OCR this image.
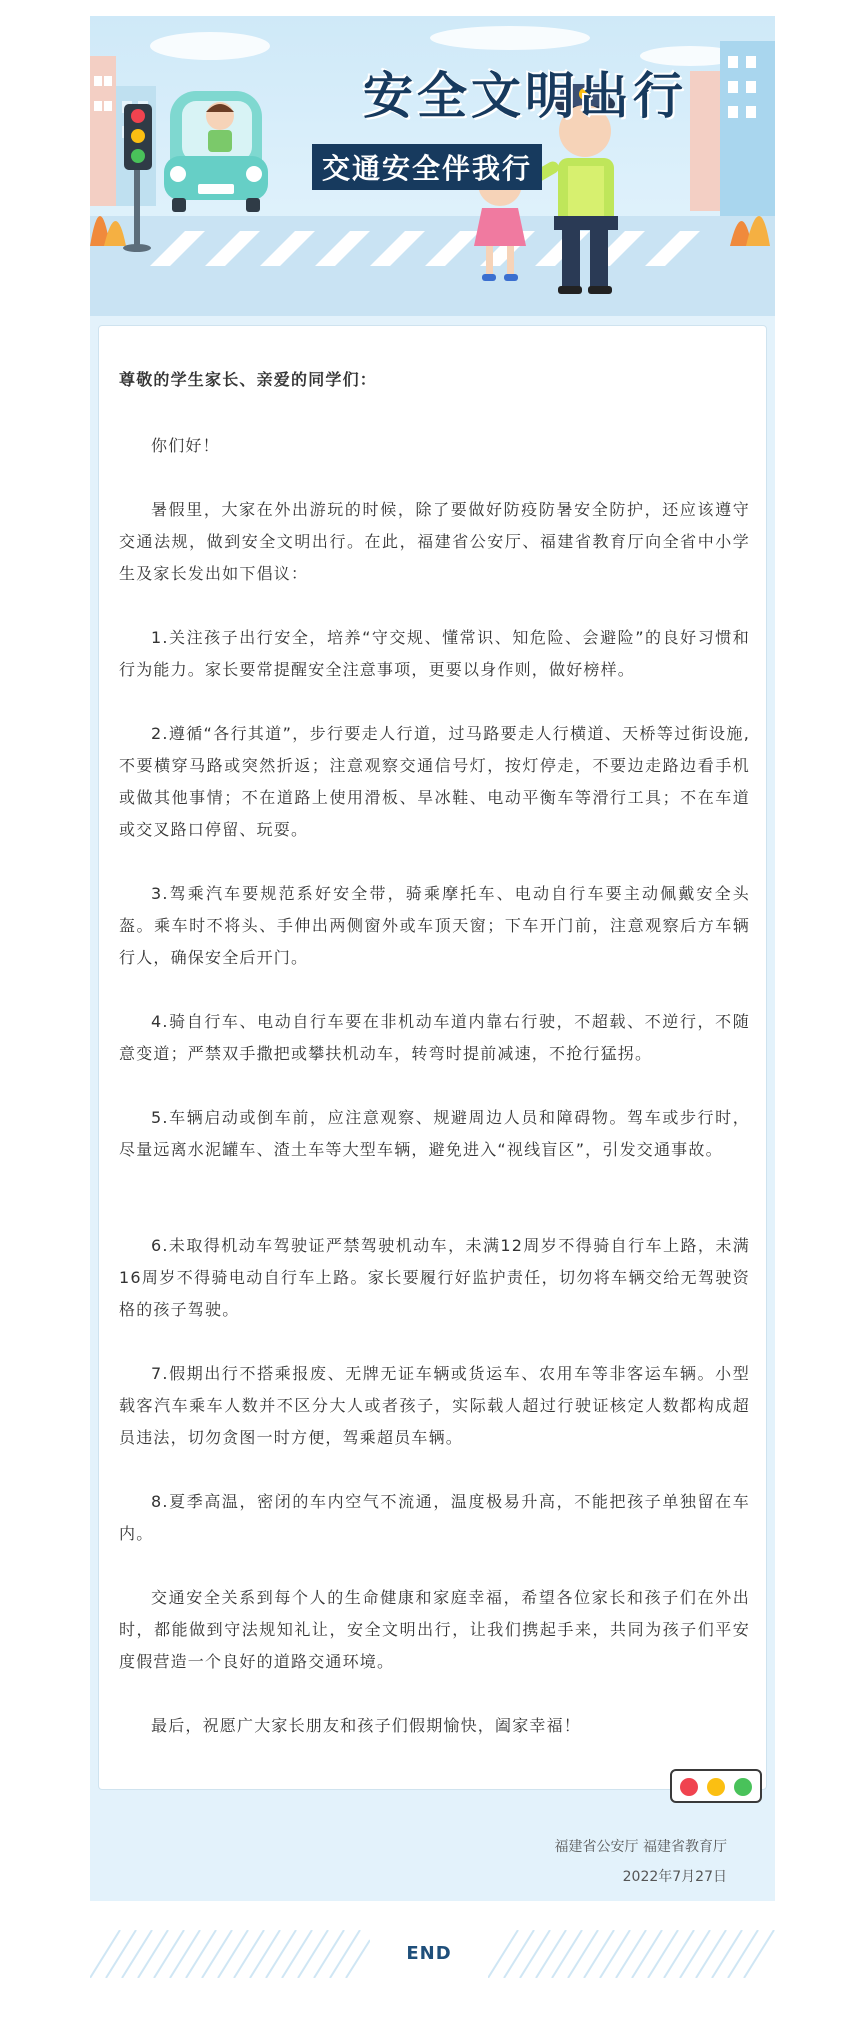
安全文明出行
交通安全伴我行
尊敬的学生家长、亲爱的同学们：
你们好！
暑假里，大家在外出游玩的时候，除了要做好防疫防暑安全防护，还应该遵守交通法规，做到安全文明出行。在此，福建省公安厅、福建省教育厅向全省中小学生及家长发出如下倡议：
1.关注孩子出行安全，培养“守交规、懂常识、知危险、会避险”的良好习惯和行为能力。家长要常提醒安全注意事项，更要以身作则，做好榜样。
2.遵循“各行其道”，步行要走人行道，过马路要走人行横道、天桥等过街设施,不要横穿马路或突然折返；注意观察交通信号灯，按灯停走，不要边走路边看手机或做其他事情；不在道路上使用滑板、旱冰鞋、电动平衡车等滑行工具；不在车道或交叉路口停留、玩耍。
3.驾乘汽车要规范系好安全带，骑乘摩托车、电动自行车要主动佩戴安全头盔。乘车时不将头、手伸出两侧窗外或车顶天窗；下车开门前，注意观察后方车辆行人，确保安全后开门。
4.骑自行车、电动自行车要在非机动车道内靠右行驶，不超载、不逆行，不随意变道；严禁双手撒把或攀扶机动车，转弯时提前减速，不抢行猛拐。
5.车辆启动或倒车前，应注意观察、规避周边人员和障碍物。驾车或步行时，尽量远离水泥罐车、渣土车等大型车辆，避免进入“视线盲区”，引发交通事故。
6.未取得机动车驾驶证严禁驾驶机动车，未满12周岁不得骑自行车上路，未满16周岁不得骑电动自行车上路。家长要履行好监护责任，切勿将车辆交给无驾驶资格的孩子驾驶。
7.假期出行不搭乘报废、无牌无证车辆或货运车、农用车等非客运车辆。小型载客汽车乘车人数并不区分大人或者孩子，实际载人超过行驶证核定人数都构成超员违法，切勿贪图一时方便，驾乘超员车辆。
8.夏季高温，密闭的车内空气不流通，温度极易升高，不能把孩子单独留在车内。
交通安全关系到每个人的生命健康和家庭幸福，希望各位家长和孩子们在外出时，都能做到守法规知礼让，安全文明出行，让我们携起手来，共同为孩子们平安度假营造一个良好的道路交通环境。
最后，祝愿广大家长朋友和孩子们假期愉快，阖家幸福！
福建省公安厅 福建省教育厅
2022年7月27日
END
